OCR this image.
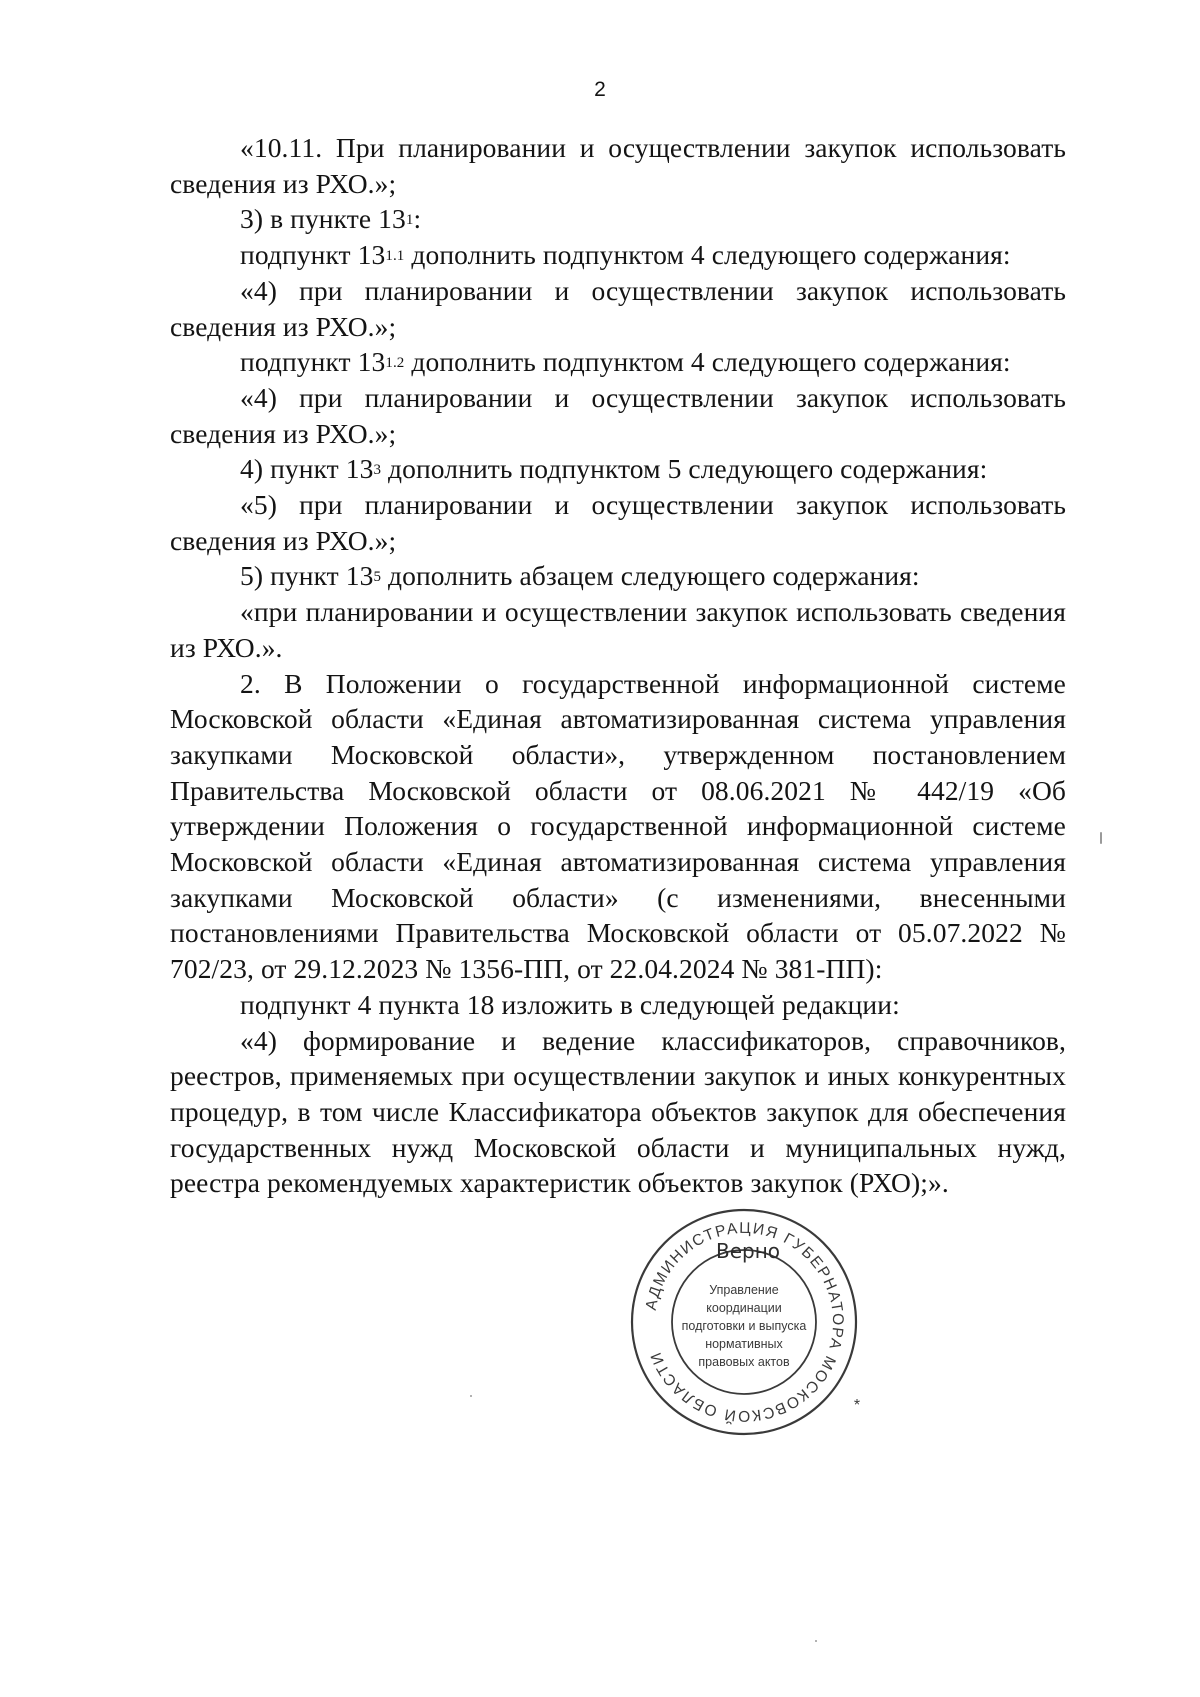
2

«10.11. При планировании и осуществлении закупок использовать сведения из РХО.»;

3) в пункте $13^1$:

подпункт $13^{1.1}$ дополнить подпунктом 4 следующего содержания:

«4) при планировании и осуществлении закупок использовать сведения из РХО.»;

подпункт $13^{1.2}$ дополнить подпунктом 4 следующего содержания:

«4) при планировании и осуществлении закупок использовать сведения из РХО.»;

4) пункт $13^3$ дополнить подпунктом 5 следующего содержания:

«5) при планировании и осуществлении закупок использовать сведения из РХО.»;

5) пункт $13^5$ дополнить абзацем следующего содержания:

«при планировании и осуществлении закупок использовать сведения из РХО.».

2. В Положении о государственной информационной системе Московской области «Единая автоматизированная система управления закупками Московской области», утвержденном постановлением Правительства Московской области от 08.06.2021 № 442/19 «Об утверждении Положения о государственной информационной системе Московской области «Единая автоматизированная система управления закупками Московской области» (с изменениями, внесенными постановлениями Правительства Московской области от 05.07.2022 № 702/23, от 29.12.2023 № 1356-ПП, от 22.04.2024 № 381-ПП):

подпункт 4 пункта 18 изложить в следующей редакции:

«4) формирование и ведение классификаторов, справочников, реестров, применяемых при осуществлении закупок и иных конкурентных процедур, в том числе Классификатора объектов закупок для обеспечения государственных нужд Московской области и муниципальных нужд, реестра рекомендуемых характеристик объектов закупок (РХО);».

АДМИНИСТРАЦИЯ ГУБЕРНАТОРА МОСКОВСКОЙ ОБЛАСТИ
*
Верно
Управление
координации
подготовки и выпуска
нормативных
правовых актов
